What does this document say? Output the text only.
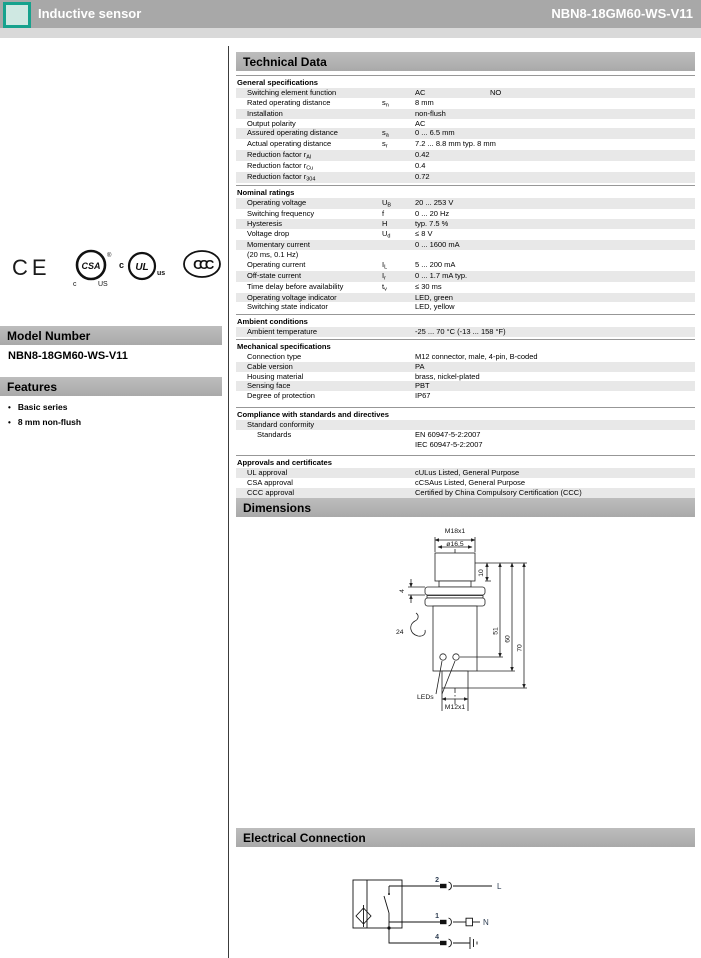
Inductive sensor	NBN8-18GM60-WS-V11
CE	CSA
®
c	US
c UL
us
CCC
Model Number
NBN8-18GM60-WS-V11
Features
• Basic series
• 8 mm non-flush
Technical Data
General specifications
Switching element function	AC	NO
Rated operating distance	$s_n$	8 mm
Installation	non-flush
Output polarity	AC
Assured operating distance	$s_a$	0 ... 6.5 mm
Actual operating distance	$s_r$	7.2 ... 8.8 mm typ. 8 mm
Reduction factor $r_{Al}$	0.42
Reduction factor $r_{Cu}$	0.4
Reduction factor $r_{304}$	0.72
Nominal ratings
Operating voltage	$U_B$	20 ... 253 V
Switching frequency	f	0 ... 20 Hz
Hysteresis	H	typ. 7.5 %
Voltage drop	$U_d$	≤ 8 V
Momentary current	0 ... 1600 mA
(20 ms, 0.1 Hz)
Operating current	$I_L$	5 ... 200 mA
Off-state current	$I_r$	0 ... 1.7 mA typ.
Time delay before availability	$t_v$	≤ 30 ms
Operating voltage indicator	LED, green
Switching state indicator	LED, yellow
Ambient conditions
Ambient temperature	-25 ... 70 °C (-13 ... 158 °F)
Mechanical specifications
Connection type	M12 connector, male, 4-pin, B-coded
Cable version	PA
Housing material	brass, nickel-plated
Sensing face	PBT
Degree of protection	IP67
Compliance with standards and directives
Standard conformity
Standards	EN 60947-5-2:2007
IEC 60947-5-2:2007
Approvals and certificates
UL approval	cULus Listed, General Purpose
CSA approval	cCSAus Listed, General Purpose
CCC approval	Certified by China Compulsory Certification (CCC)
Dimensions
M18x1
ø16,5
10
51
60
70
4
24
LEDs
M12x1
Electrical Connection
2
L
1
N
4
